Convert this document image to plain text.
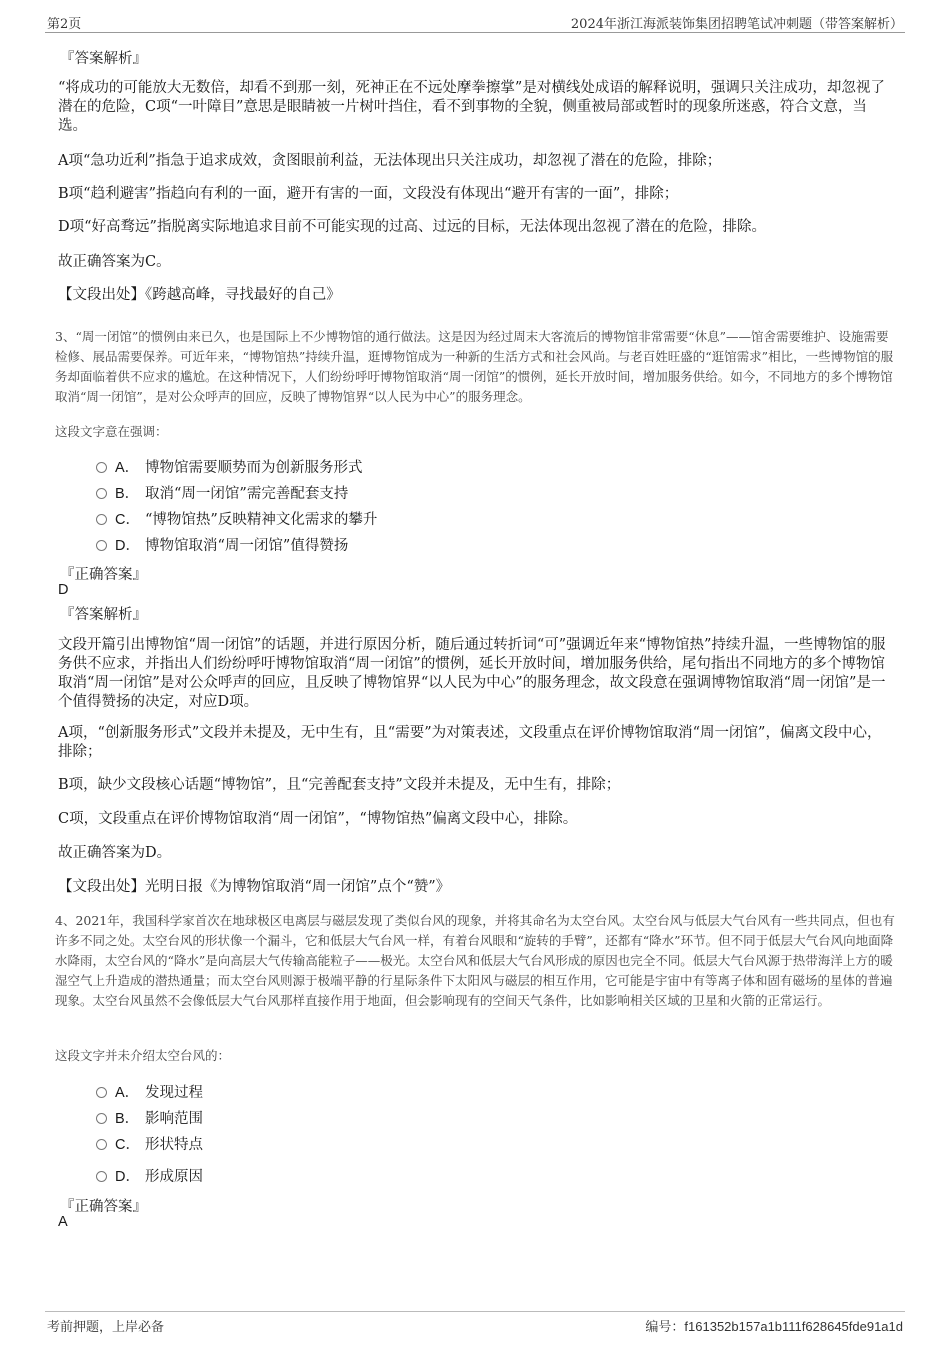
第2页	2024年浙江海派装饰集团招聘笔试冲刺题（带答案解析）

『答案解析』

“将成功的可能放大无数倍，却看不到那一刻，死神正在不远处摩拳擦掌”是对横线处成语的解释说明，强调只关注成功，却忽视了潜在的危险，C项“一叶障目”意思是眼睛被一片树叶挡住，看不到事物的全貌，侧重被局部或暂时的现象所迷惑，符合文意，当选。

A项“急功近利”指急于追求成效，贪图眼前利益，无法体现出只关注成功，却忽视了潜在的危险，排除；

B项“趋利避害”指趋向有利的一面，避开有害的一面，文段没有体现出“避开有害的一面”，排除；

D项“好高骛远”指脱离实际地追求目前不可能实现的过高、过远的目标，无法体现出忽视了潜在的危险，排除。

故正确答案为C。

【文段出处】《跨越高峰，寻找最好的自己》

3、“周一闭馆”的惯例由来已久，也是国际上不少博物馆的通行做法。这是因为经过周末大客流后的博物馆非常需要“休息”——馆舍需要维护、设施需要检修、展品需要保养。可近年来，“博物馆热”持续升温，逛博物馆成为一种新的生活方式和社会风尚。与老百姓旺盛的“逛馆需求”相比，一些博物馆的服务却面临着供不应求的尴尬。在这种情况下，人们纷纷呼吁博物馆取消“周一闭馆”的惯例，延长开放时间，增加服务供给。如今，不同地方的多个博物馆取消“周一闭馆”，是对公众呼声的回应，反映了博物馆界“以人民为中心”的服务理念。

这段文字意在强调：

A． 博物馆需要顺势而为创新服务形式
B． 取消“周一闭馆”需完善配套支持
C． “博物馆热”反映精神文化需求的攀升
D． 博物馆取消“周一闭馆”值得赞扬

『正确答案』

D

『答案解析』

文段开篇引出博物馆“周一闭馆”的话题，并进行原因分析，随后通过转折词“可”强调近年来“博物馆热”持续升温，一些博物馆的服务供不应求，并指出人们纷纷呼吁博物馆取消“周一闭馆”的惯例，延长开放时间，增加服务供给，尾句指出不同地方的多个博物馆取消“周一闭馆”是对公众呼声的回应，且反映了博物馆界“以人民为中心”的服务理念，故文段意在强调博物馆取消“周一闭馆”是一个值得赞扬的决定，对应D项。

A项，“创新服务形式”文段并未提及，无中生有，且“需要”为对策表述，文段重点在评价博物馆取消“周一闭馆”，偏离文段中心，排除；

B项，缺少文段核心话题“博物馆”，且“完善配套支持”文段并未提及，无中生有，排除；

C项，文段重点在评价博物馆取消“周一闭馆”，“博物馆热”偏离文段中心，排除。

故正确答案为D。

【文段出处】光明日报《为博物馆取消“周一闭馆”点个“赞”》

4、2021年，我国科学家首次在地球极区电离层与磁层发现了类似台风的现象，并将其命名为太空台风。太空台风与低层大气台风有一些共同点，但也有许多不同之处。太空台风的形状像一个漏斗，它和低层大气台风一样，有着台风眼和“旋转的手臂”，还都有“降水”环节。但不同于低层大气台风向地面降水降雨，太空台风的“降水”是向高层大气传输高能粒子——极光。太空台风和低层大气台风形成的原因也完全不同。低层大气台风源于热带海洋上方的暖湿空气上升造成的潜热通量；而太空台风则源于极端平静的行星际条件下太阳风与磁层的相互作用，它可能是宇宙中有等离子体和固有磁场的星体的普遍现象。太空台风虽然不会像低层大气台风那样直接作用于地面，但会影响现有的空间天气条件，比如影响相关区域的卫星和火箭的正常运行。

这段文字并未介绍太空台风的：

A． 发现过程
B． 影响范围
C． 形状特点
D． 形成原因

『正确答案』

A

考前押题，上岸必备	编号：f161352b157a1b111f628645fde91a1d
